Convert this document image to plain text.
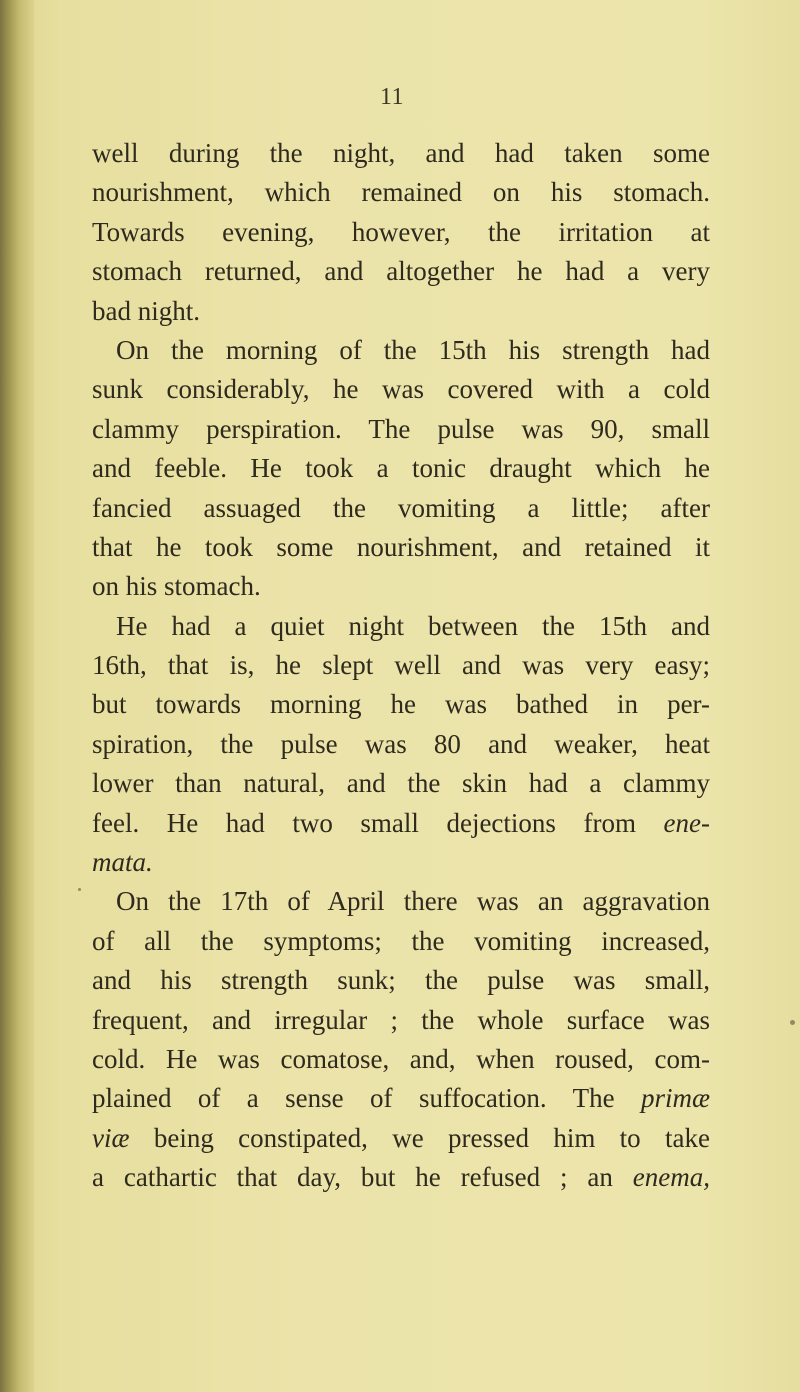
11
well during the night, and had taken some
nourishment, which remained on his stomach.
Towards evening, however, the irritation at
stomach returned, and altogether he had a very
bad night.
On the morning of the 15th his strength had
sunk considerably, he was covered with a cold
clammy perspiration. The pulse was 90, small
and feeble. He took a tonic draught which he
fancied assuaged the vomiting a little; after
that he took some nourishment, and retained it
on his stomach.
He had a quiet night between the 15th and
16th, that is, he slept well and was very easy;
but towards morning he was bathed in per-
spiration, the pulse was 80 and weaker, heat
lower than natural, and the skin had a clammy
feel. He had two small dejections from ene-
mata.
On the 17th of April there was an aggravation
of all the symptoms; the vomiting increased,
and his strength sunk; the pulse was small,
frequent, and irregular ; the whole surface was
cold. He was comatose, and, when roused, com-
plained of a sense of suffocation. The primæ
viæ being constipated, we pressed him to take
a cathartic that day, but he refused ; an enema,
